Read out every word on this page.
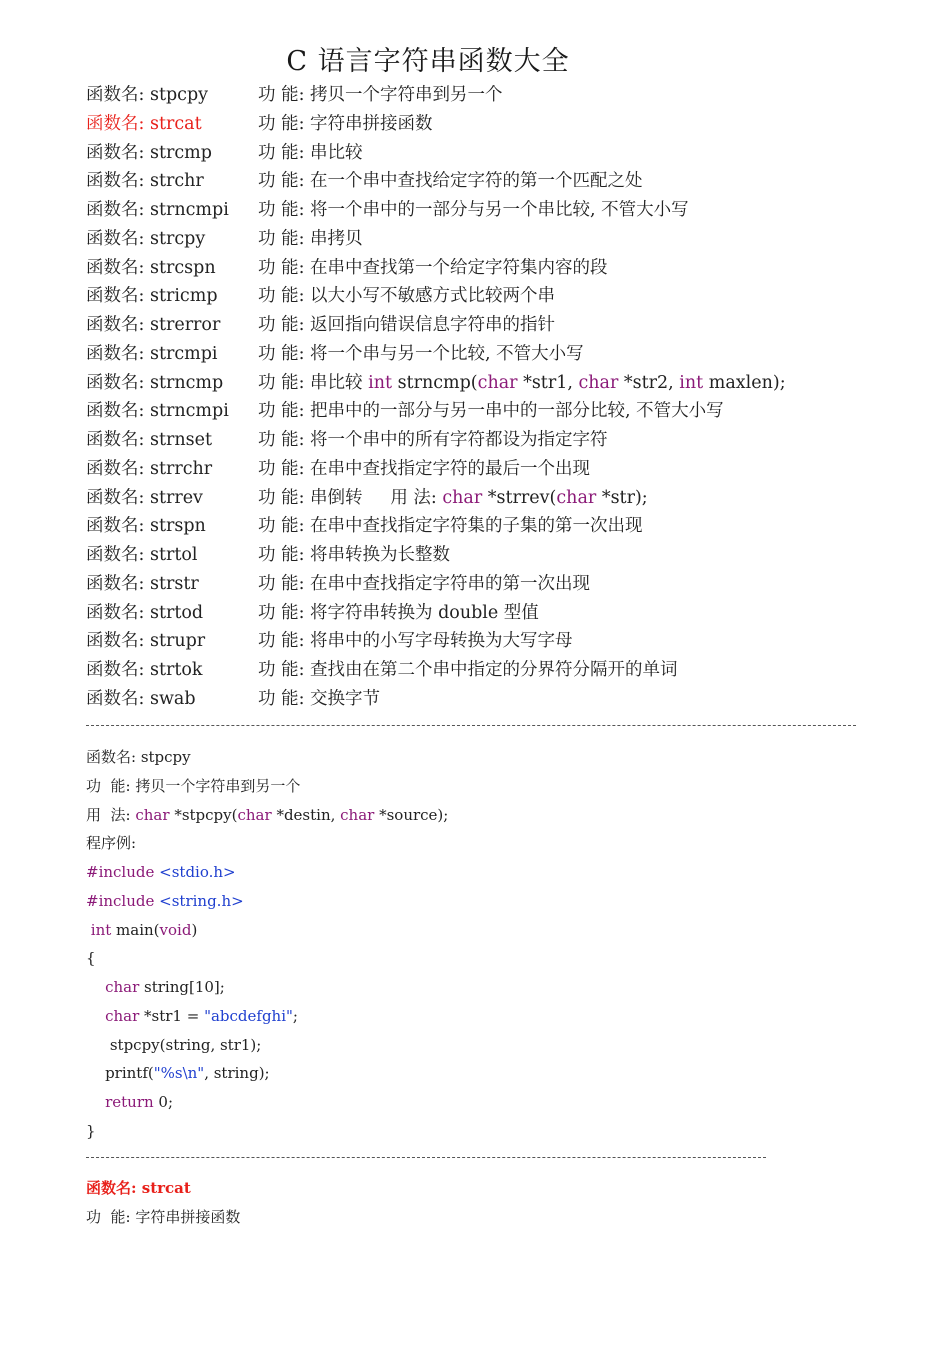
C 语言字符串函数大全
函数名: stpcpy	功 能: 拷贝一个字符串到另一个
函数名: strcat	功 能: 字符串拼接函数
函数名: strcmp	功 能: 串比较
函数名: strchr	功 能: 在一个串中查找给定字符的第一个匹配之处
函数名: strncmpi 功 能: 将一个串中的一部分与另一个串比较, 不管大小写
函数名: strcpy	功 能: 串拷贝
函数名: strcspn 功 能: 在串中查找第一个给定字符集内容的段
函数名: stricmp 功 能: 以大小写不敏感方式比较两个串
函数名: strerror 功 能: 返回指向错误信息字符串的指针
函数名: strcmpi 功 能: 将一个串与另一个比较, 不管大小写
函数名: strncmp 功 能: 串比较 int strncmp(char *str1, char *str2, int maxlen);
函数名: strncmpi 功 能: 把串中的一部分与另一串中的一部分比较, 不管大小写
函数名: strnset	功 能: 将一个串中的所有字符都设为指定字符
函数名: strrchr	功 能: 在串中查找指定字符的最后一个出现
函数名: strrev	功 能: 串倒转     用 法: char *strrev(char *str);
函数名: strspn	功 能: 在串中查找指定字符集的子集的第一次出现
函数名: strtol	功 能: 将串转换为长整数
函数名: strstr	功 能: 在串中查找指定字符串的第一次出现
函数名: strtod	功 能: 将字符串转换为 double 型值
函数名: strupr	功 能: 将串中的小写字母转换为大写字母
函数名: strtok	功 能: 查找由在第二个串中指定的分界符分隔开的单词
函数名: swab	功 能: 交换字节
函数名: stpcpy
功  能: 拷贝一个字符串到另一个
用  法: char *stpcpy(char *destin, char *source);
程序例:
#include <stdio.h>
#include <string.h>
int main(void)
{
char string[10];
char *str1 = "abcdefghi";
stpcpy(string, str1);
printf("%s\n", string);
return 0;
}
函数名: strcat
功  能: 字符串拼接函数
